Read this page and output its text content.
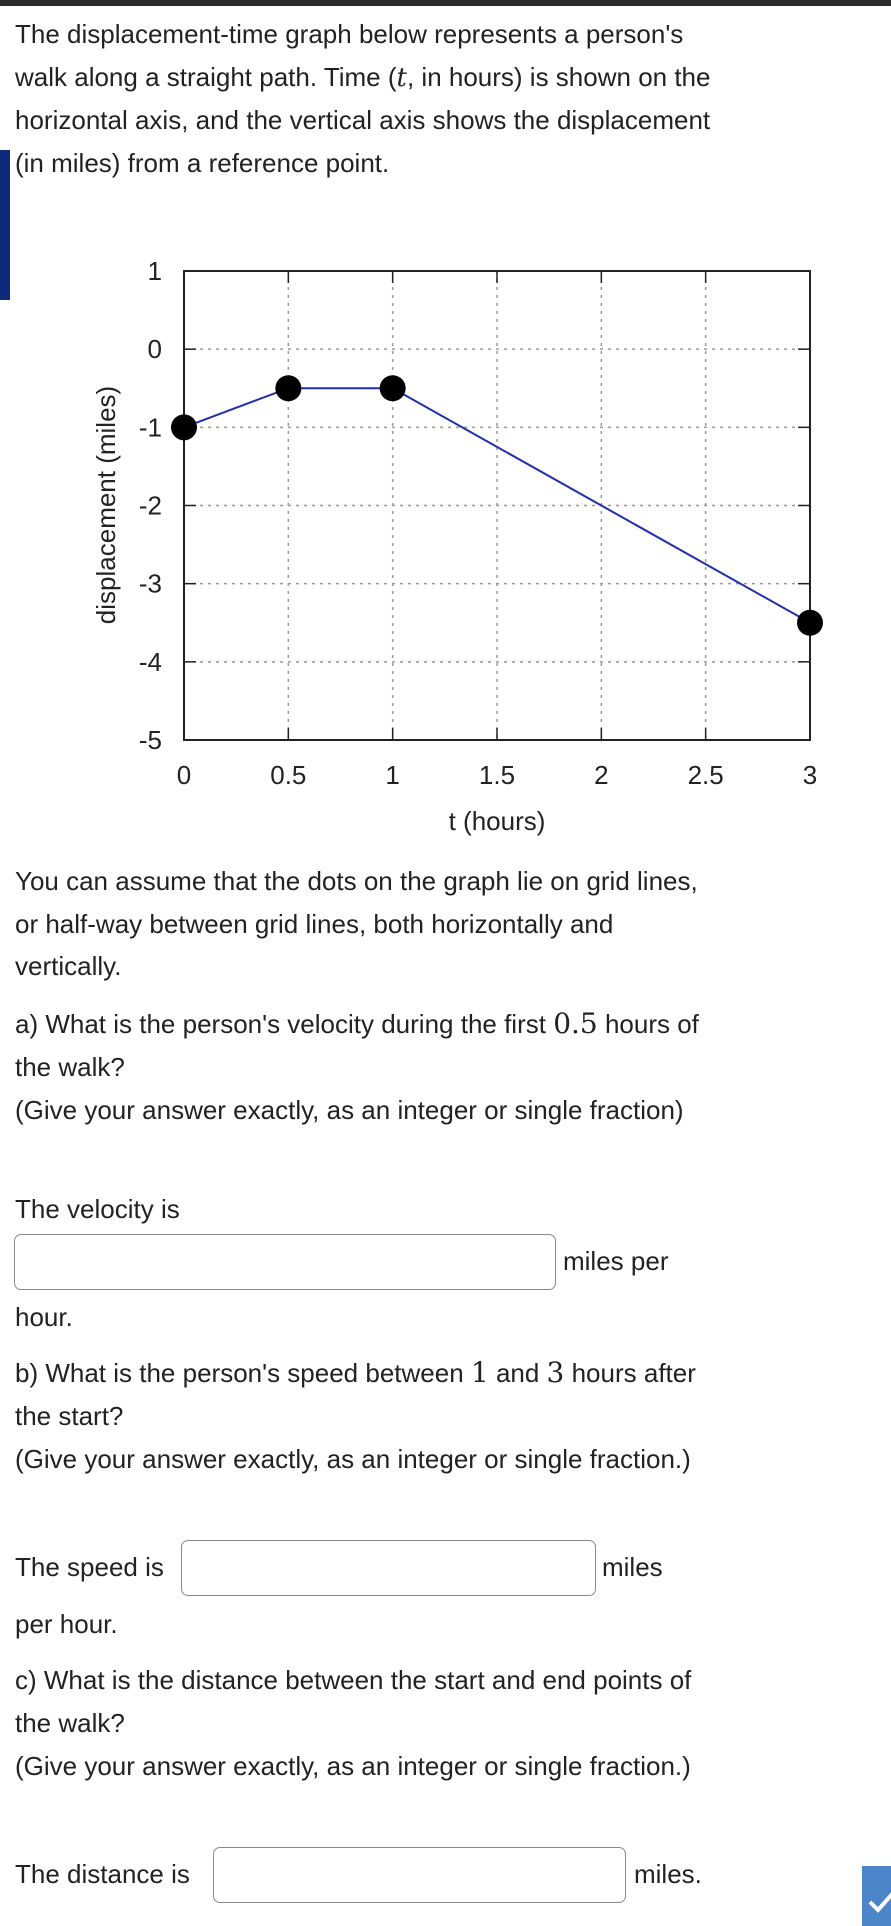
The displacement-time graph below represents a person's walk along a straight path. Time (t, in hours) is shown on the horizontal axis, and the vertical axis shows the displacement (in miles) from a reference point.

0	0.5	1	1.5	2	2.5	3
1
0
-1
-2
-3
-4
-5
t (hours)
displacement (miles)

You can assume that the dots on the graph lie on grid lines, or half-way between grid lines, both horizontally and vertically.

a) What is the person's velocity during the first 0.5 hours of the walk?

(Give your answer exactly, as an integer or single fraction)

The velocity is
miles per
hour.

b) What is the person's speed between 1 and 3 hours after the start?

(Give your answer exactly, as an integer or single fraction.)

The speed is	miles
per hour.

c) What is the distance between the start and end points of the walk?

(Give your answer exactly, as an integer or single fraction.)

The distance is	miles.
